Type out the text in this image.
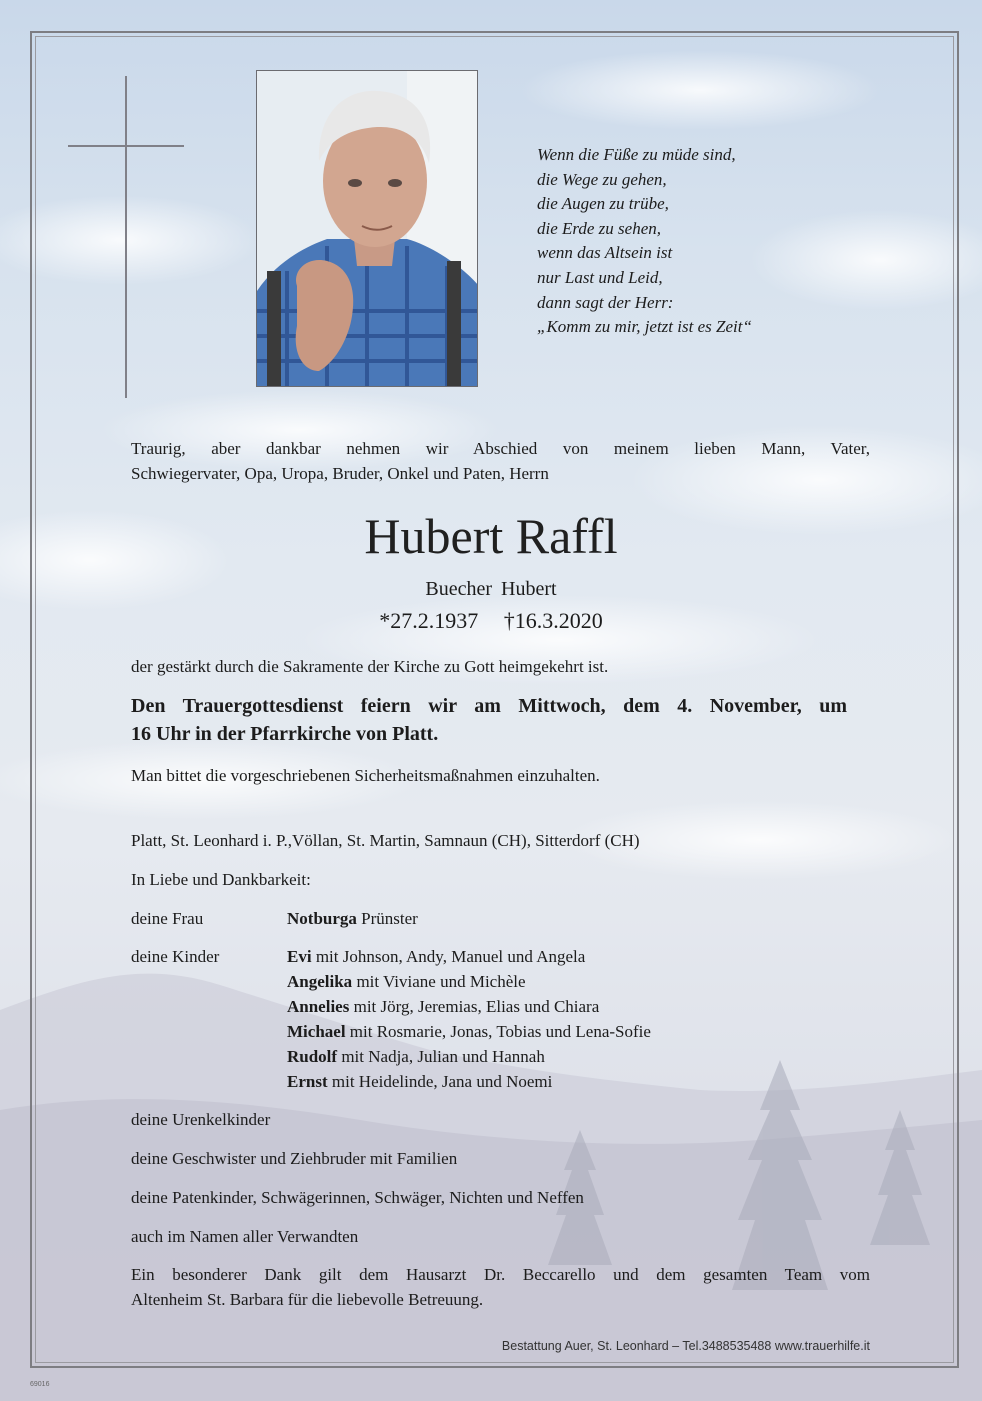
Wenn die Füße zu müde sind,
die Wege zu gehen,
die Augen zu trübe,
die Erde zu sehen,
wenn das Altsein ist
nur Last und Leid,
dann sagt der Herr:
„Komm zu mir, jetzt ist es Zeit“
Traurig, aber dankbar nehmen wir Abschied von meinem lieben Mann, Vater,
Schwiegervater, Opa, Uropa, Bruder, Onkel und Paten, Herrn
Hubert Raffl
Buecher Hubert
*27.2.1937 †16.3.2020
der gestärkt durch die Sakramente der Kirche zu Gott heimgekehrt ist.
Den Trauergottesdienst feiern wir am Mittwoch, dem 4. November, um
16 Uhr in der Pfarrkirche von Platt.
Man bittet die vorgeschriebenen Sicherheitsmaßnahmen einzuhalten.
Platt, St. Leonhard i. P.,Völlan, St. Martin, Samnaun (CH), Sitterdorf (CH)
In Liebe und Dankbarkeit:
deine Frau	Notburga Prünster
deine Kinder	Evi mit Johnson, Andy, Manuel und Angela
Angelika mit Viviane und Michèle
Annelies mit Jörg, Jeremias, Elias und Chiara
Michael mit Rosmarie, Jonas, Tobias und Lena-Sofie
Rudolf mit Nadja, Julian und Hannah
Ernst mit Heidelinde, Jana und Noemi
deine Urenkelkinder
deine Geschwister und Ziehbruder mit Familien
deine Patenkinder, Schwägerinnen, Schwäger, Nichten und Neffen
auch im Namen aller Verwandten
Ein besonderer Dank gilt dem Hausarzt Dr. Beccarello und dem gesamten Team vom
Altenheim St. Barbara für die liebevolle Betreuung.
Bestattung Auer, St. Leonhard – Tel.3488535488 www.trauerhilfe.it
69016
